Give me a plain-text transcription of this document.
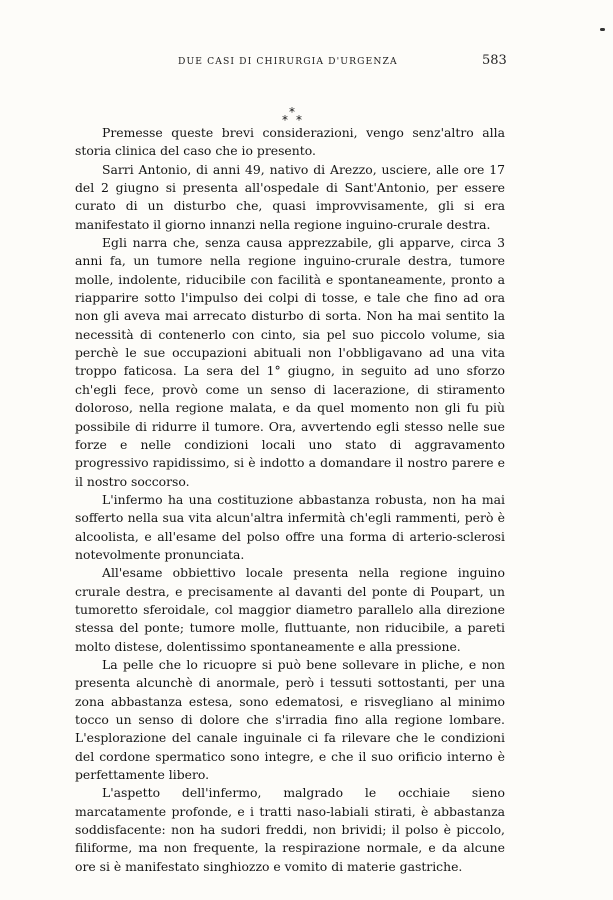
DUE CASI DI CHIRURGIA D'URGENZA	583
*
* *

Premesse queste brevi considerazioni, vengo senz'altro alla storia clinica del caso che io presento.

Sarri Antonio, di anni 49, nativo di Arezzo, usciere, alle ore 17 del 2 giugno si presenta all'ospedale di Sant'Antonio, per essere curato di un disturbo che, quasi improvvisamente, gli si era manifestato il giorno innanzi nella regione inguino-crurale destra.

Egli narra che, senza causa apprezzabile, gli apparve, circa 3 anni fa, un tumore nella regione inguino-crurale destra, tumore molle, indolente, riducibile con facilità e spontaneamente, pronto a riapparire sotto l'impulso dei colpi di tosse, e tale che fino ad ora non gli aveva mai arrecato disturbo di sorta. Non ha mai sentito la necessità di contenerlo con cinto, sia pel suo piccolo volume, sia perchè le sue occupazioni abituali non l'obbligavano ad una vita troppo faticosa. La sera del 1° giugno, in seguito ad uno sforzo ch'egli fece, provò come un senso di lacerazione, di stiramento doloroso, nella regione malata, e da quel momento non gli fu più possibile di ridurre il tumore. Ora, avvertendo egli stesso nelle sue forze e nelle condizioni locali uno stato di aggravamento progressivo rapidissimo, si è indotto a domandare il nostro parere e il nostro soccorso.

L'infermo ha una costituzione abbastanza robusta, non ha mai sofferto nella sua vita alcun'altra infermità ch'egli rammenti, però è alcoolista, e all'esame del polso offre una forma di arterio-sclerosi notevolmente pronunciata.

All'esame obbiettivo locale presenta nella regione inguino crurale destra, e precisamente al davanti del ponte di Poupart, un tumoretto sferoidale, col maggior diametro parallelo alla direzione stessa del ponte; tumore molle, fluttuante, non riducibile, a pareti molto distese, dolentissimo spontaneamente e alla pressione.

La pelle che lo ricuopre si può bene sollevare in pliche, e non presenta alcunchè di anormale, però i tessuti sottostanti, per una zona abbastanza estesa, sono edematosi, e risvegliano al minimo tocco un senso di dolore che s'irradia fino alla regione lombare. L'esplorazione del canale inguinale ci fa rilevare che le condizioni del cordone spermatico sono integre, e che il suo orificio interno è perfettamente libero.

L'aspetto dell'infermo, malgrado le occhiaie sieno marcatamente profonde, e i tratti naso-labiali stirati, è abbastanza soddisfacente: non ha sudori freddi, non brividi; il polso è piccolo, filiforme, ma non frequente, la respirazione normale, e da alcune ore si è manifestato singhiozzo e vomito di materie gastriche.
